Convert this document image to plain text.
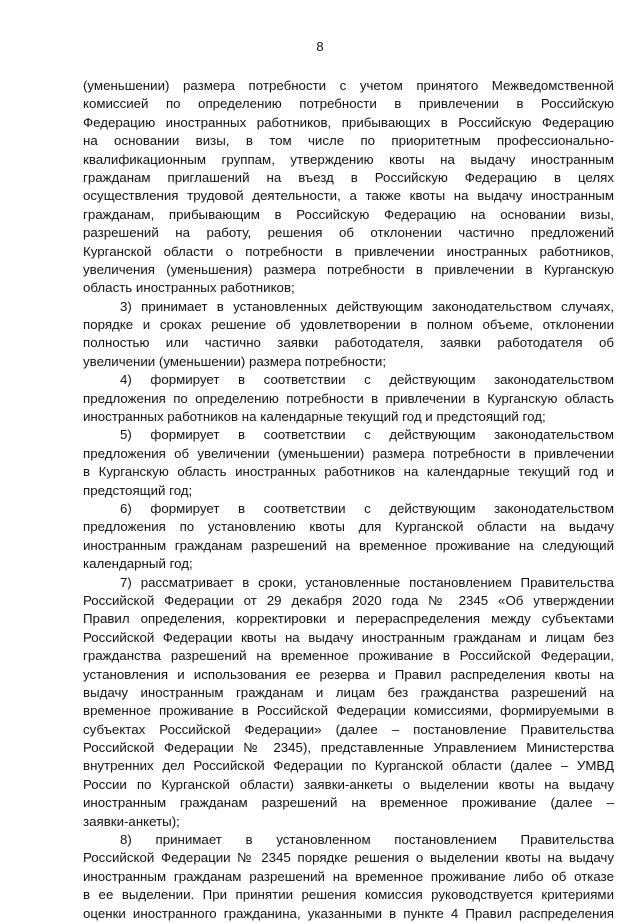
8
(уменьшении) размера потребности с учетом принятого Межведомственной
комиссией по определению потребности в привлечении в Российскую
Федерацию иностранных работников, прибывающих в Российскую Федерацию
на основании визы, в том числе по приоритетным профессионально-
квалификационным группам, утверждению квоты на выдачу иностранным
гражданам приглашений на въезд в Российскую Федерацию в целях
осуществления трудовой деятельности, а также квоты на выдачу иностранным
гражданам, прибывающим в Российскую Федерацию на основании визы,
разрешений на работу, решения об отклонении частично предложений
Курганской области о потребности в привлечении иностранных работников,
увеличения (уменьшения) размера потребности в привлечении в Курганскую
область иностранных работников;
3) принимает в установленных действующим законодательством случаях,
порядке и сроках решение об удовлетворении в полном объеме, отклонении
полностью или частично заявки работодателя, заявки работодателя об
увеличении (уменьшении) размера потребности;
4) формирует в соответствии с действующим законодательством
предложения по определению потребности в привлечении в Курганскую область
иностранных работников на календарные текущий год и предстоящий год;
5) формирует в соответствии с действующим законодательством
предложения об увеличении (уменьшении) размера потребности в привлечении
в Курганскую область иностранных работников на календарные текущий год и
предстоящий год;
6) формирует в соответствии с действующим законодательством
предложения по установлению квоты для Курганской области на выдачу
иностранным гражданам разрешений на временное проживание на следующий
календарный год;
7) рассматривает в сроки, установленные постановлением Правительства
Российской Федерации от 29 декабря 2020 года № 2345 «Об утверждении
Правил определения, корректировки и перераспределения между субъектами
Российской Федерации квоты на выдачу иностранным гражданам и лицам без
гражданства разрешений на временное проживание в Российской Федерации,
установления и использования ее резерва и Правил распределения квоты на
выдачу иностранным гражданам и лицам без гражданства разрешений на
временное проживание в Российской Федерации комиссиями, формируемыми в
субъектах Российской Федерации» (далее – постановление Правительства
Российской Федерации № 2345), представленные Управлением Министерства
внутренних дел Российской Федерации по Курганской области (далее – УМВД
России по Курганской области) заявки-анкеты о выделении квоты на выдачу
иностранным гражданам разрешений на временное проживание (далее –
заявки-анкеты);
8) принимает в установленном постановлением Правительства
Российской Федерации № 2345 порядке решения о выделении квоты на выдачу
иностранным гражданам разрешений на временное проживание либо об отказе
в ее выделении. При принятии решения комиссия руководствуется критериями
оценки иностранного гражданина, указанными в пункте 4 Правил распределения
